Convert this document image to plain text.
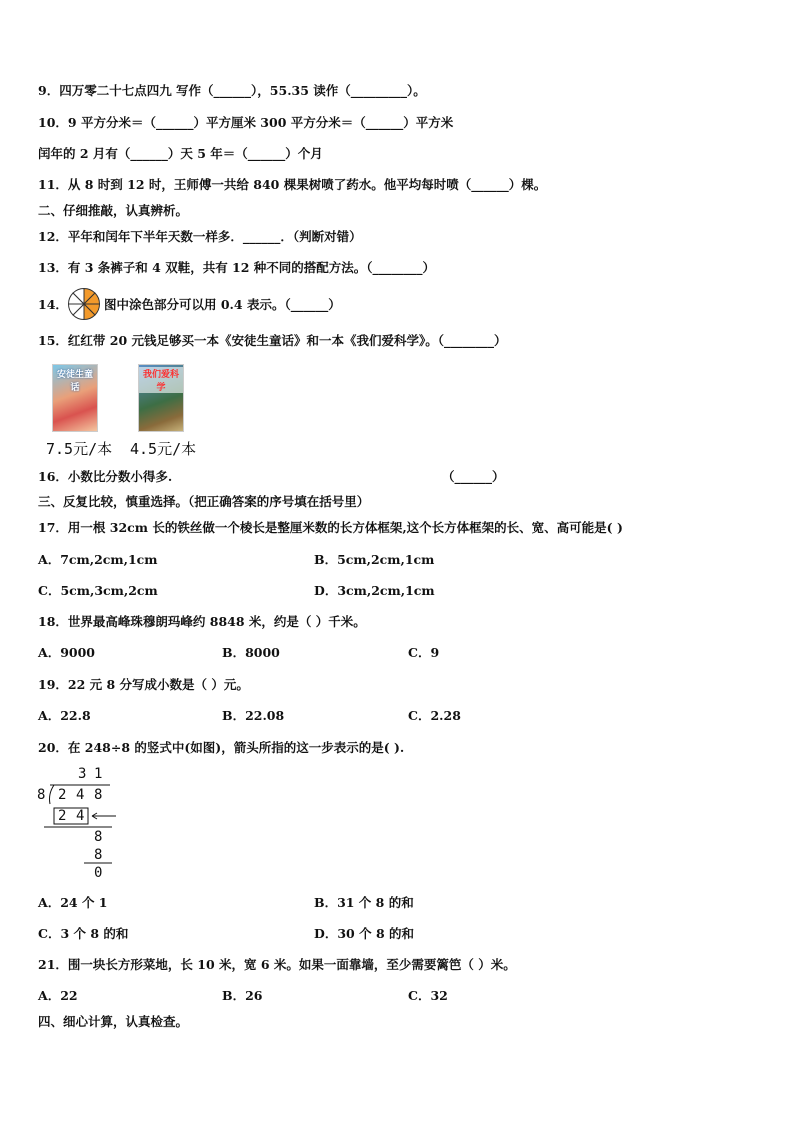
9．四万零二十七点四九 写作（______），55.35 读作（_________）。
10．9 平方分米＝（______）平方厘米 300 平方分米＝（______）平方米
闰年的 2 月有（______）天 5 年＝（______）个月
11．从 8 时到 12 时，王师傅一共给 840 棵果树喷了药水。他平均每时喷（______）棵。
二、仔细推敲，认真辨析。
12．平年和闰年下半年天数一样多．______．（判断对错）
13．有 3 条裤子和 4 双鞋，共有 12 种不同的搭配方法。（________）
14．	图中涂色部分可以用 0.4 表示。（______）
15．红红带 20 元钱足够买一本《安徒生童话》和一本《我们爱科学》。（________）
安徒生童话
我们爱科学
7.5元/本 4.5元/本
16．小数比分数小得多.	（______）
三、反复比较，慎重选择。（把正确答案的序号填在括号里）
17．用一根 32cm 长的铁丝做一个棱长是整厘米数的长方体框架,这个长方体框架的长、宽、高可能是( )
A．7cm,2cm,1cm	B．5cm,2cm,1cm
C．5cm,3cm,2cm	D．3cm,2cm,1cm
18．世界最高峰珠穆朗玛峰约 8848 米，约是（ ）千米。
A．9000	B．8000	C．9
19．22 元 8 分写成小数是（ ）元。
A．22.8	B．22.08	C．2.28
20．在 248÷8 的竖式中(如图)，箭头所指的这一步表示的是( ).
3 1
8 2 4 8
2 4
8
8
0
A．24 个 1	B．31 个 8 的和
C．3 个 8 的和	D．30 个 8 的和
21．围一块长方形菜地，长 10 米，宽 6 米。如果一面靠墙，至少需要篱笆（ ）米。
A．22	B．26	C．32
四、细心计算，认真检查。
